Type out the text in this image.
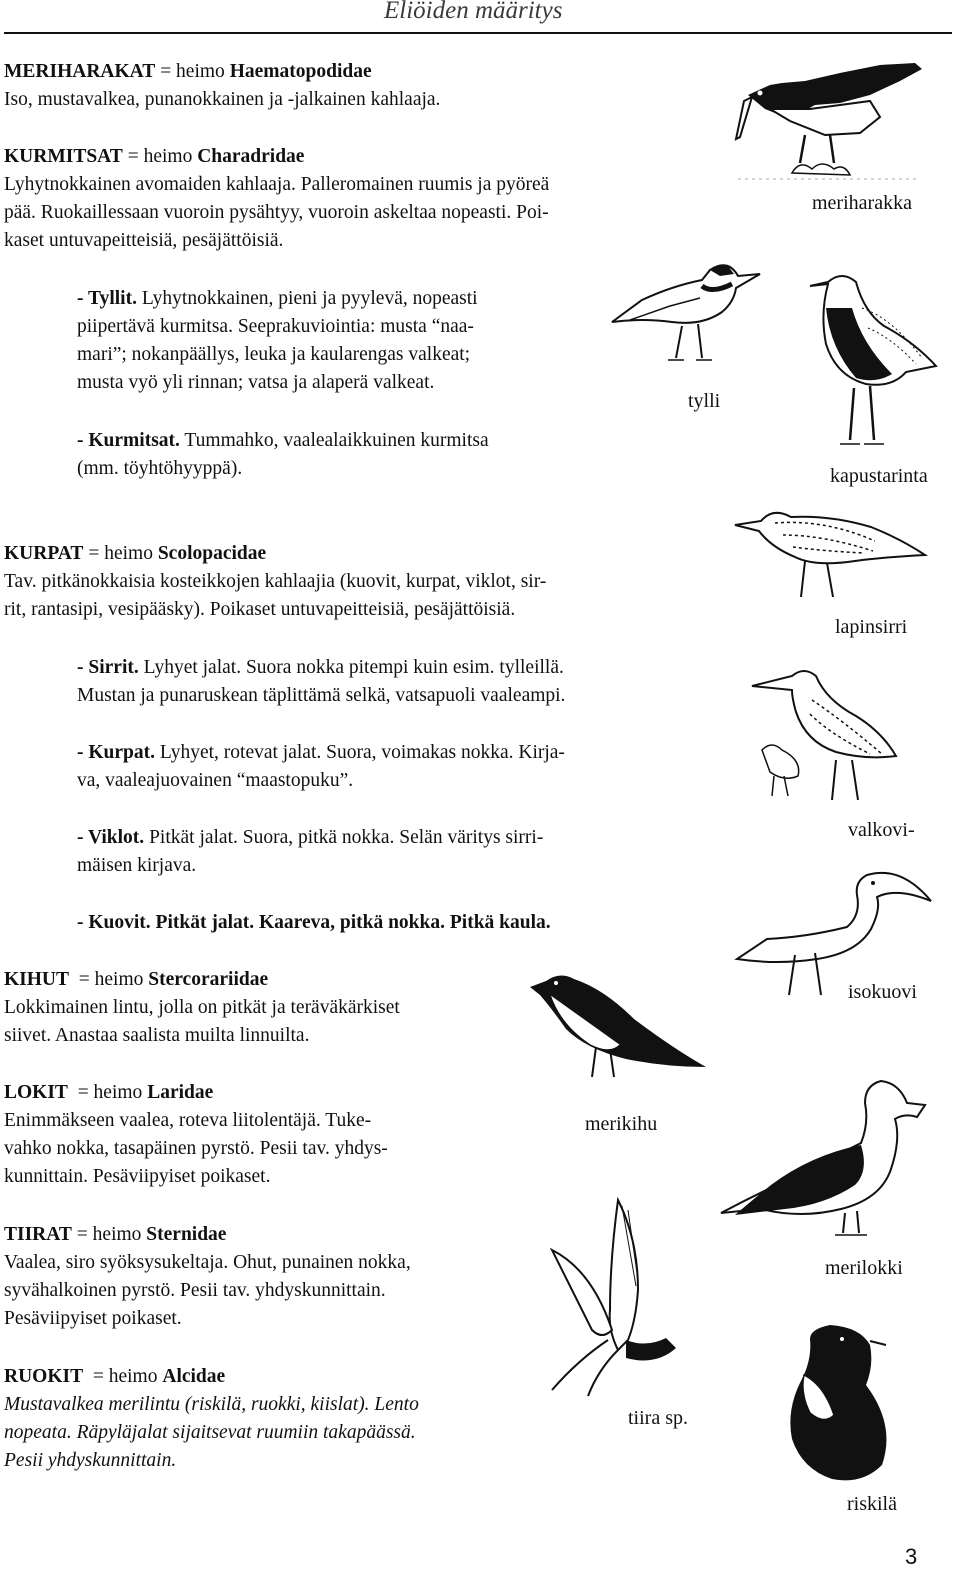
Eliöiden määritys
MERIHARAKAT = heimo Haematopodidae
Iso, mustavalkea, punanokkainen ja -jalkainen kahlaaja.
KURMITSAT = heimo Charadridae
Lyhytnokkainen avomaiden kahlaaja. Palleromainen ruumis ja pyöreä
pää. Ruokaillessaan vuoroin pysähtyy, vuoroin askeltaa nopeasti. Poi-
kaset untuvapeitteisiä, pesäjättöisiä.
- Tyllit. Lyhytnokkainen, pieni ja pyylevä, nopeasti
piipertävä kurmitsa. Seeprakuviointia: musta “naa-
mari”; nokanpäällys, leuka ja kaularengas valkeat;
musta vyö yli rinnan; vatsa ja alaperä valkeat.
- Kurmitsat. Tummahko, vaalealaikkuinen kurmitsa
(mm. töyhtöhyyppä).
KURPAT = heimo Scolopacidae
Tav. pitkänokkaisia kosteikkojen kahlaajia (kuovit, kurpat, viklot, sir-
rit, rantasipi, vesipääsky). Poikaset untuvapeitteisiä, pesäjättöisiä.
- Sirrit. Lyhyet jalat. Suora nokka pitempi kuin esim. tylleillä.
Mustan ja punaruskean täplittämä selkä, vatsapuoli vaaleampi.
- Kurpat. Lyhyet, rotevat jalat. Suora, voimakas nokka. Kirja-
va, vaaleajuovainen “maastopuku”.
- Viklot. Pitkät jalat. Suora, pitkä nokka. Selän väritys sirri-
mäisen kirjava.
- Kuovit. Pitkät jalat. Kaareva, pitkä nokka. Pitkä kaula.
KIHUT  = heimo Stercorariidae
Lokkimainen lintu, jolla on pitkät ja teräväkärkiset
siivet. Anastaa saalista muilta linnuilta.
LOKIT  = heimo Laridae
Enimmäkseen vaalea, roteva liitolentäjä. Tuke-
vahko nokka, tasapäinen pyrstö. Pesii tav. yhdys-
kunnittain. Pesäviipyiset poikaset.
TIIRAT = heimo Sternidae
Vaalea, siro syöksysukeltaja. Ohut, punainen nokka,
syvähalkoinen pyrstö. Pesii tav. yhdyskunnittain.
Pesäviipyiset poikaset.
RUOKIT  = heimo Alcidae
Mustavalkea merilintu (riskilä, ruokki, kiislat). Lento
nopeata. Räpyläjalat sijaitsevat ruumiin takapäässä.
Pesii yhdyskunnittain.
meriharakka
tylli
kapustarinta
lapinsirri
valkovi-
isokuovi
merikihu
merilokki
tiira sp.
riskilä
3
